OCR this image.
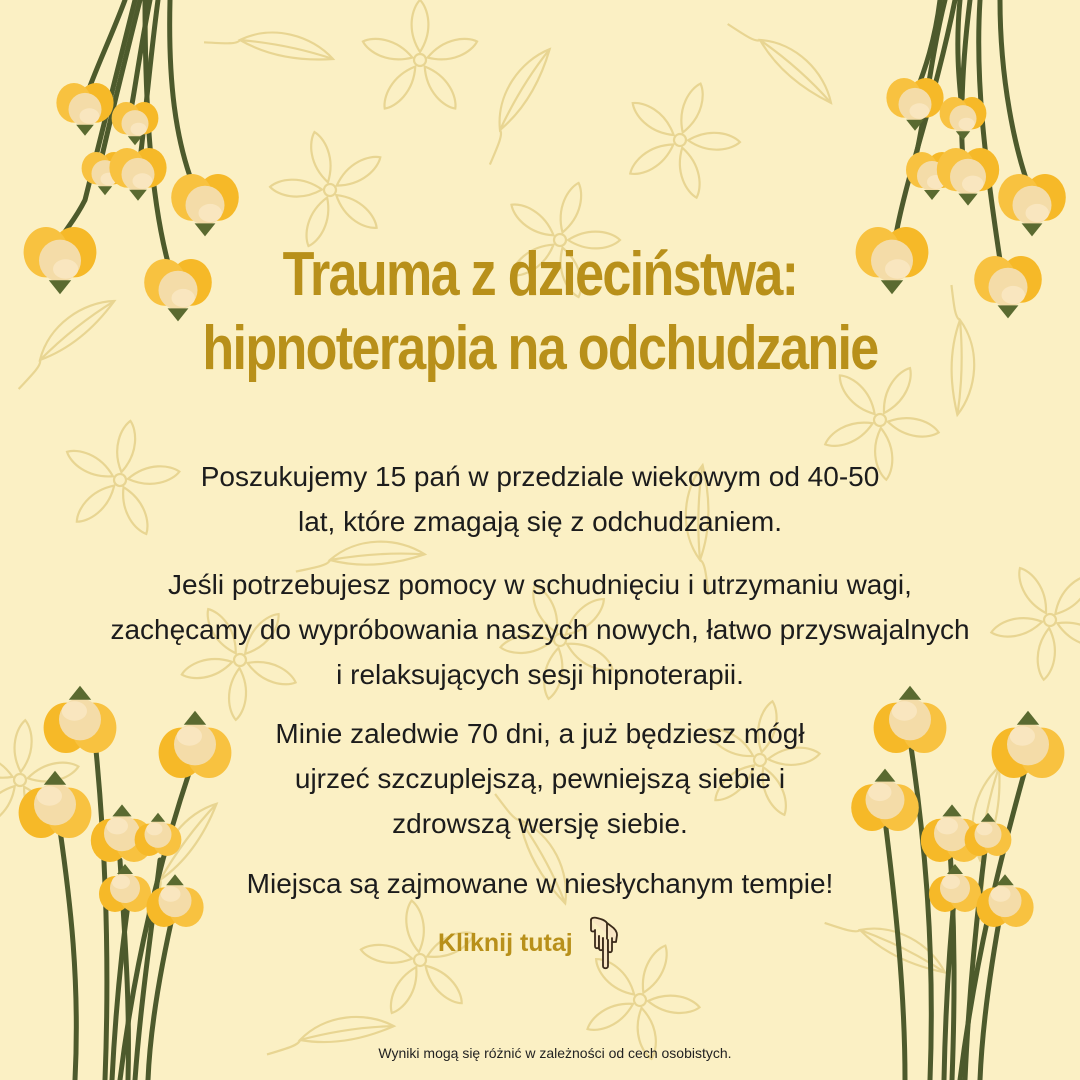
Trauma z dzieciństwa:
hipnoterapia na odchudzanie
Poszukujemy 15 pań w przedziale wiekowym od 40-50
lat, które zmagają się z odchudzaniem.
Jeśli potrzebujesz pomocy w schudnięciu i utrzymaniu wagi,
zachęcamy do wypróbowania naszych nowych, łatwo przyswajalnych
i relaksujących sesji hipnoterapii.
Minie zaledwie 70 dni, a już będziesz mógł
ujrzeć szczuplejszą, pewniejszą siebie i
zdrowszą wersję siebie.
Miejsca są zajmowane w niesłychanym tempie!
Kliknij tutaj
Wyniki mogą się różnić w zależności od cech osobistych.
